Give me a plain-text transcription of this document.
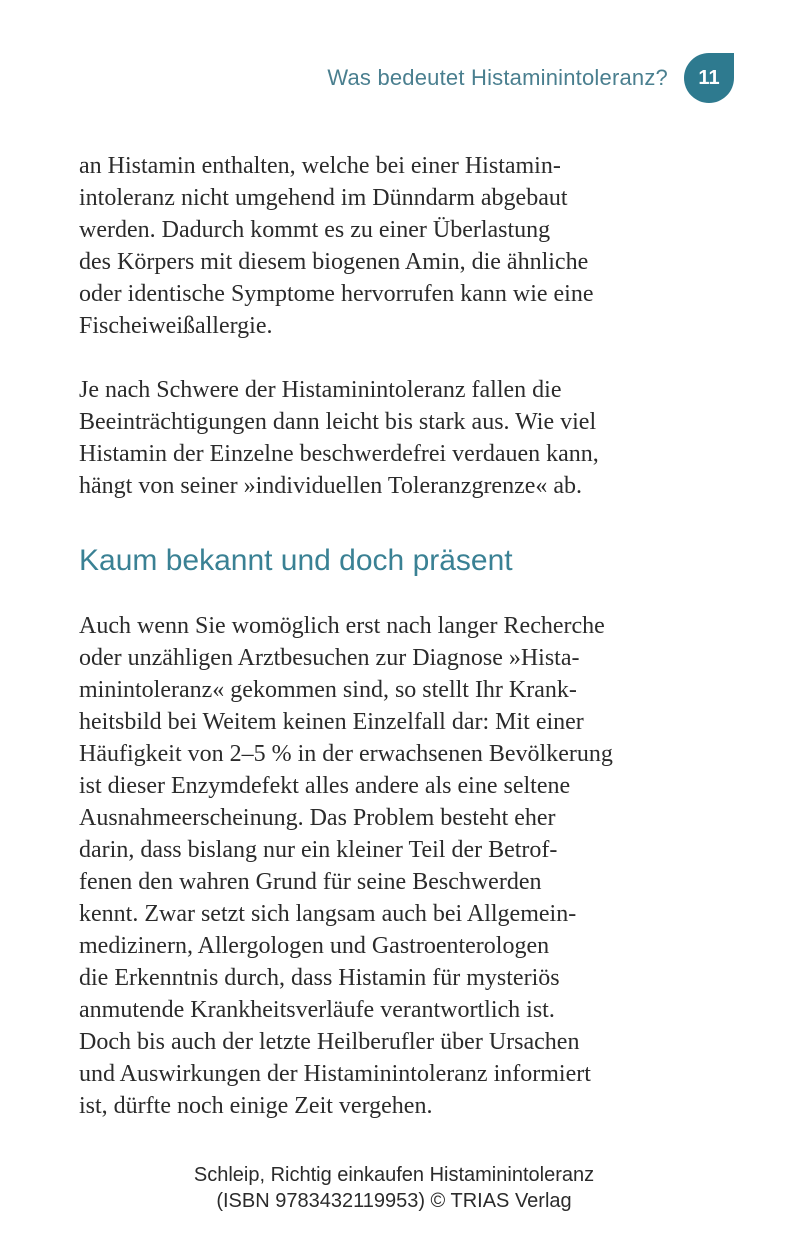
Was bedeutet Histaminintoleranz?	11
an Histamin enthalten, welche bei einer Histamin-
intoleranz nicht umgehend im Dünndarm abgebaut
werden. Dadurch kommt es zu einer Überlastung
des Körpers mit diesem biogenen Amin, die ähnliche
oder identische Symptome hervorrufen kann wie eine
Fischeiweißallergie.
Je nach Schwere der Histaminintoleranz fallen die
Beeinträchtigungen dann leicht bis stark aus. Wie viel
Histamin der Einzelne beschwerdefrei verdauen kann,
hängt von seiner »individuellen Toleranzgrenze« ab.
Kaum bekannt und doch präsent
Auch wenn Sie womöglich erst nach langer Recherche
oder unzähligen Arztbesuchen zur Diagnose »Hista-
minintoleranz« gekommen sind, so stellt Ihr Krank-
heitsbild bei Weitem keinen Einzelfall dar: Mit einer
Häufigkeit von 2–5 % in der erwachsenen Bevölkerung
ist dieser Enzymdefekt alles andere als eine seltene
Ausnahmeerscheinung. Das Problem besteht eher
darin, dass bislang nur ein kleiner Teil der Betrof-
fenen den wahren Grund für seine Beschwerden
kennt. Zwar setzt sich langsam auch bei Allgemein-
medizinern, Allergologen und Gastroenterologen
die Erkenntnis durch, dass Histamin für mysteriös
anmutende Krankheitsverläufe verantwortlich ist.
Doch bis auch der letzte Heilberufler über Ursachen
und Auswirkungen der Histaminintoleranz informiert
ist, dürfte noch einige Zeit vergehen.
Schleip, Richtig einkaufen Histaminintoleranz
(ISBN 9783432119953) © TRIAS Verlag
